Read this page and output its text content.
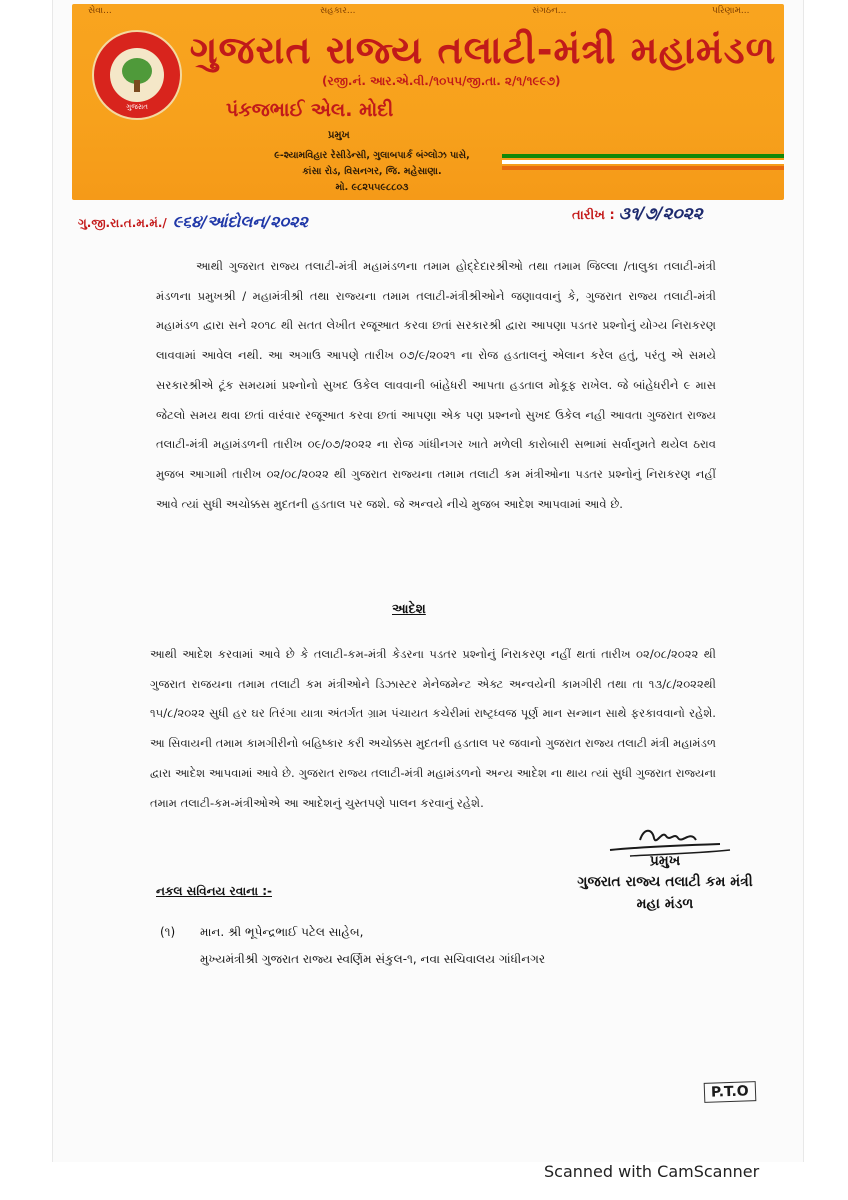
સેવા...	સહકાર...	સંગઠન...	પરિણામ...
ગુજરાત
ગુજરાત રાજ્ય તલાટી-મંત્રી મહામંડળ
(રજી.નં. આર.એ.વી./૧૦૫૫/જી.તા. ૨/૧/૧૯૯૭)
પંકજભાઈ એલ. મોદી
પ્રમુખ
૯-શ્યામવિહાર રેસીડેન્સી, ગુલાબપાર્ક બંગ્લોઝ પાસે,
કાંસા રોડ, વિસનગર, જિ. મહેસાણા.
મો. ૯૮૨૫૫૯૮૮૦૩
ગુ.જી.રા.ત.મ.મં./ ૯૬૪/આંદોલન/૨૦૨૨	તારીખ : ૩૧/૭/૨૦૨૨
આથી ગુજરાત રાજ્ય તલાટી-મંત્રી મહામંડળના તમામ હોદ્દેદારશ્રીઓ તથા તમામ જિલ્લા /તાલુકા તલાટી-મંત્રી મંડળના પ્રમુખશ્રી / મહામંત્રીશ્રી તથા રાજ્યના તમામ તલાટી-મંત્રીશ્રીઓને જણાવવાનું કે, ગુજરાત રાજ્ય તલાટી-મંત્રી મહામંડળ દ્વારા સને ૨૦૧૮ થી સતત લેખીત રજૂઆત કરવા છતાં સરકારશ્રી દ્વારા આપણા પડતર પ્રશ્નોનું યોગ્ય નિરાકરણ લાવવામાં આવેલ નથી. આ અગાઉ આપણે તારીખ ૦૭/૯/૨૦૨૧ ના રોજ હડતાલનું એલાન કરેલ હતું, પરંતુ એ સમયે સરકારશ્રીએ ટૂંક સમયમાં પ્રશ્નોનો સુખદ ઉકેલ લાવવાની બાંહેધરી આપતા હડતાલ મોકૂફ રાખેલ. જે બાંહેધરીને ૯ માસ જેટલો સમય થવા છતાં વારંવાર રજૂઆત કરવા છતાં આપણા એક પણ પ્રશ્નનો સુખદ ઉકેલ નહી આવતા ગુજરાત રાજ્ય તલાટી-મંત્રી મહામંડળની તારીખ ૦૯/૦૭/૨૦૨૨ ના રોજ ગાંધીનગર ખાતે મળેલી કારોબારી સભામાં સર્વાનુમતે થયેલ ઠરાવ મુજબ આગામી તારીખ ૦૨/૦૮/૨૦૨૨ થી ગુજરાત રાજ્યના તમામ તલાટી કમ મંત્રીઓના પડતર પ્રશ્નોનું નિરાકરણ નહીં આવે ત્યાં સુધી અચોક્કસ મુદતની હડતાલ પર જશે. જે અન્વયે નીચે મુજબ આદેશ આપવામાં આવે છે.
આદેશ
આથી આદેશ કરવામાં આવે છે કે તલાટી-કમ-મંત્રી કેડરના પડતર પ્રશ્નોનું નિરાકરણ નહીં થતાં તારીખ ૦૨/૦૮/૨૦૨૨ થી ગુજરાત રાજયના તમામ તલાટી કમ મંત્રીઓને ડિઝાસ્ટર મેનેજમેન્ટ એક્ટ અન્વયેની કામગીરી તથા તા ૧૩/૮/૨૦૨૨થી ૧૫/૮/૨૦૨૨ સુધી હર ઘર તિરંગા યાત્રા અંતર્ગત ગ્રામ પંચાયત કચેરીમાં રાષ્ટ્રધ્વજ પૂર્ણ માન સન્માન સાથે ફરકાવવાનો રહેશે. આ સિવાયની તમામ કામગીરીનો બહિષ્કાર કરી અચોક્કસ મુદતની હડતાલ પર જવાનો ગુજરાત રાજ્ય તલાટી મંત્રી મહામંડળ દ્વારા આદેશ આપવામાં આવે છે. ગુજરાત રાજ્ય તલાટી-મંત્રી મહામંડળનો અન્ય આદેશ ના થાય ત્યાં સુધી ગુજરાત રાજ્યના તમામ તલાટી-કમ-મંત્રીઓએ આ આદેશનું ચુસ્તપણે પાલન કરવાનું રહેશે.
પ્રમુખ
ગુજરાત રાજ્ય તલાટી કમ મંત્રી
મહા મંડળ
નકલ સવિનય રવાના :-
(૧) માન. શ્રી ભૂપેન્દ્રભાઈ પટેલ સાહેબ,
મુખ્યમંત્રીશ્રી ગુજરાત રાજ્ય સ્વર્ણિમ સંકુલ-૧, નવા સચિવાલય ગાંધીનગર
P.T.O
Scanned with CamScanner
